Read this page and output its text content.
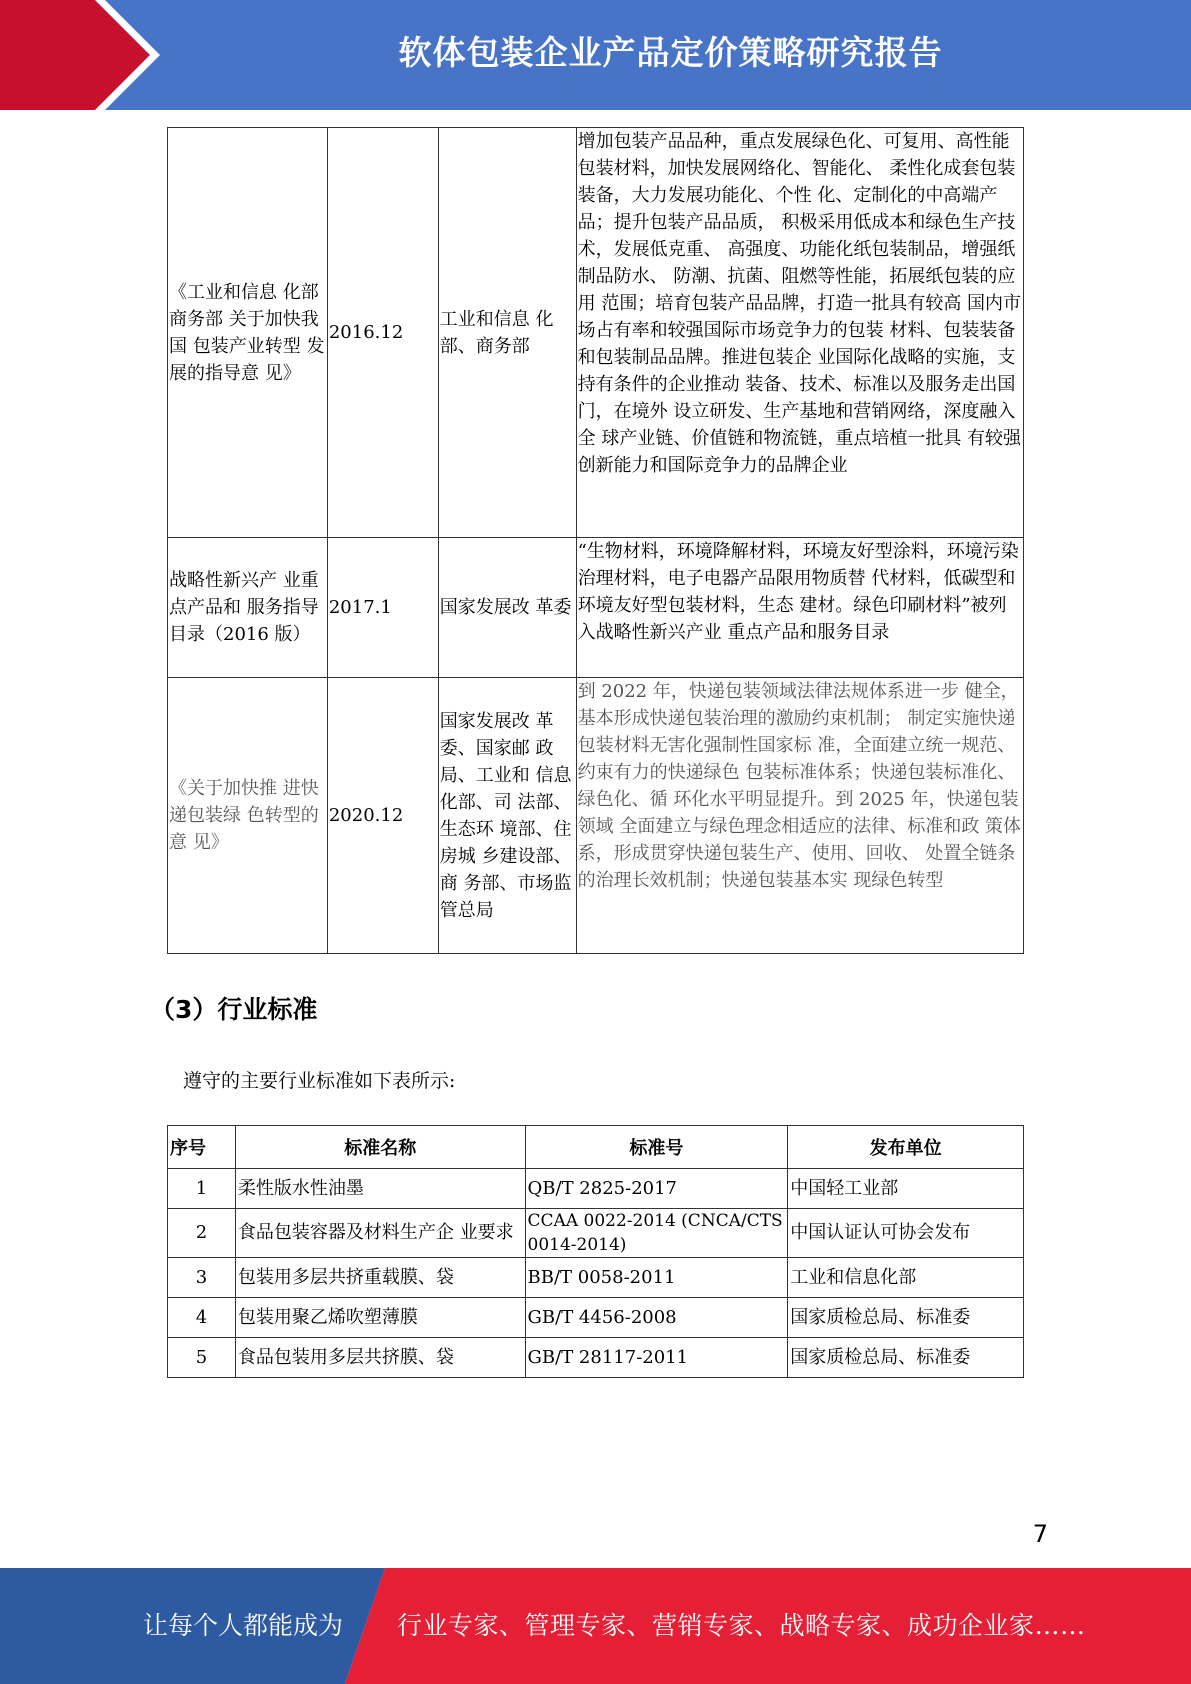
软体包装企业产品定价策略研究报告
《工业和信息 化部商务部 关于加快我国 包装产业转型 发展的指导意 见》	2016.12	工业和信息 化部、商务部	增加包装产品品种，重点发展绿色化、可复用、高性能包装材料，加快发展网络化、智能化、 柔性化成套包装装备，大力发展功能化、个性 化、定制化的中高端产品；提升包装产品品质， 积极采用低成本和绿色生产技术，发展低克重、 高强度、功能化纸包装制品，增强纸制品防水、 防潮、抗菌、阻燃等性能，拓展纸包装的应用 范围；培育包装产品品牌，打造一批具有较高 国内市场占有率和较强国际市场竞争力的包装 材料、包装装备和包装制品品牌。推进包装企 业国际化战略的实施，支持有条件的企业推动 装备、技术、标准以及服务走出国门，在境外 设立研发、生产基地和营销网络，深度融入全 球产业链、价值链和物流链，重点培植一批具 有较强创新能力和国际竞争力的品牌企业
战略性新兴产 业重点产品和 服务指导目录（2016 版）	2017.1	国家发展改 革委	“生物材料，环境降解材料，环境友好型涂料，环境污染治理材料，电子电器产品限用物质替 代材料，低碳型和环境友好型包装材料，生态 建材。绿色印刷材料”被列入战略性新兴产业 重点产品和服务目录
《关于加快推 进快递包装绿 色转型的意 见》	2020.12	国家发展改 革委、国家邮 政局、工业和 信息化部、司 法部、生态环 境部、住房城 乡建设部、商 务部、市场监 管总局	到 2022 年，快递包装领域法律法规体系进一步 健全，基本形成快递包装治理的激励约束机制； 制定实施快递包装材料无害化强制性国家标 准，全面建立统一规范、约束有力的快递绿色 包装标准体系；快递包装标准化、绿色化、循 环化水平明显提升。到 2025 年，快递包装领域 全面建立与绿色理念相适应的法律、标准和政 策体系，形成贯穿快递包装生产、使用、回收、 处置全链条的治理长效机制；快递包装基本实 现绿色转型
（3）行业标准
遵守的主要行业标准如下表所示:
序号	标准名称	标准号	发布单位
1	柔性版水性油墨	QB/T 2825-2017	中国轻工业部
2	食品包装容器及材料生产企 业要求	CCAA 0022-2014 (CNCA/CTS 0014-2014)	中国认证认可协会发布
3	包装用多层共挤重载膜、袋	BB/T 0058-2011	工业和信息化部
4	包装用聚乙烯吹塑薄膜	GB/T 4456-2008	国家质检总局、标准委
5	食品包装用多层共挤膜、袋	GB/T 28117-2011	国家质检总局、标准委
7
让每个人都能成为 行业专家、管理专家、营销专家、战略专家、成功企业家……
